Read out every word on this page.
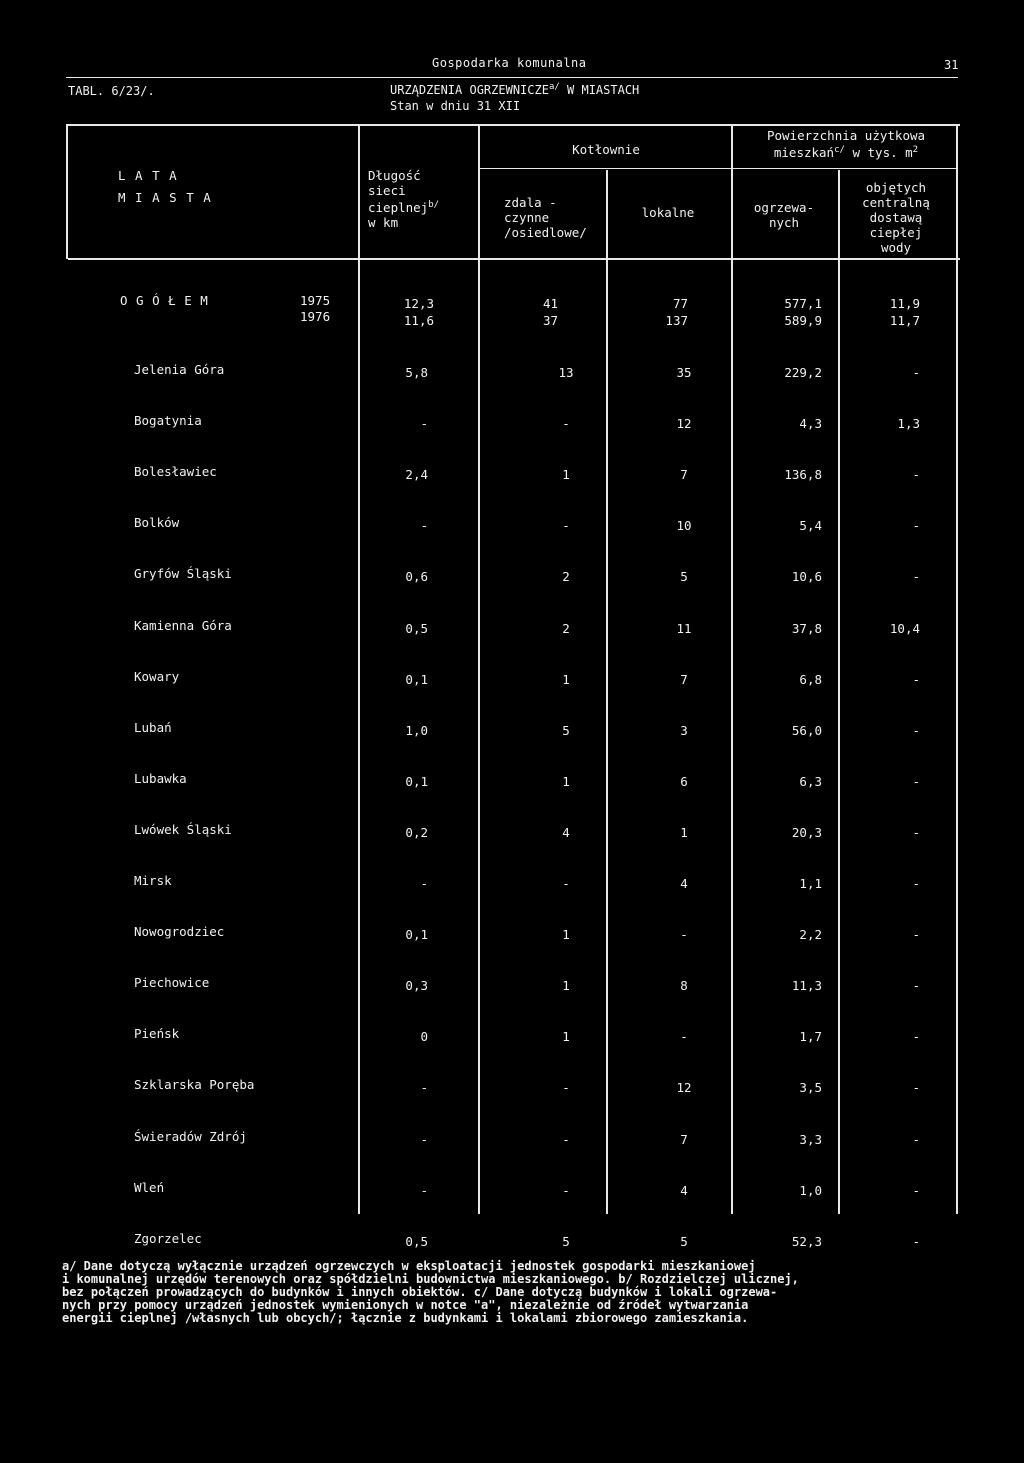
Gospodarka komunalna	31
TABL. 6/23/.	URZĄDZENIA $OGRZEWNICZE^{a/}$ W MIASTACH
Stan w dniu 31 XII
L A T A
M I A S T A
Długość
sieci
cieplnej$^{b/}$
w km
Kotłownie
zdala -
czynne
/osiedlowe/
lokalne
Powierzchnia użytkowa
mieszkań$^{c/}$ w tys. $m^2$
ogrzewa-
nych
objętych
centralną
dostawą
ciepłej
wody
O G Ó Ł E M	1975	12,3	41	77	577,1	11,9
1976	11,6	37	137	589,9	11,7
Jelenia Góra	5,8	13	35	229,2	-
Bogatynia	-	-	12	4,3	1,3
Bolesławiec	2,4	1	7	136,8	-
Bolków	-	-	10	5,4	-
Gryfów Śląski	0,6	2	5	10,6	-
Kamienna Góra	0,5	2	11	37,8	10,4
Kowary	0,1	1	7	6,8	-
Lubań	1,0	5	3	56,0	-
Lubawka	0,1	1	6	6,3	-
Lwówek Śląski	0,2	4	1	20,3	-
Mirsk	-	-	4	1,1	-
Nowogrodziec	0,1	1	-	2,2	-
Piechowice	0,3	1	8	11,3	-
Pieńsk	0	1	-	1,7	-
Szklarska Poręba	-	-	12	3,5	-
Świeradów Zdrój	-	-	7	3,3	-
Wleń	-	-	4	1,0	-
Zgorzelec	0,5	5	5	52,3	-
a/ Dane dotyczą wyłącznie urządzeń ogrzewczych w eksploatacji jednostek gospodarki mieszkaniowej
i komunalnej urzędów terenowych oraz spółdzielni budownictwa mieszkaniowego. b/ Rozdzielczej ulicznej,
bez połączeń prowadzących do budynków i innych obiektów. c/ Dane dotyczą budynków i lokali ogrzewa-
nych przy pomocy urządzeń jednostek wymienionych w notce "a", niezależnie od źródeł wytwarzania
energii cieplnej /własnych lub obcych/; łącznie z budynkami i lokalami zbiorowego zamieszkania.
